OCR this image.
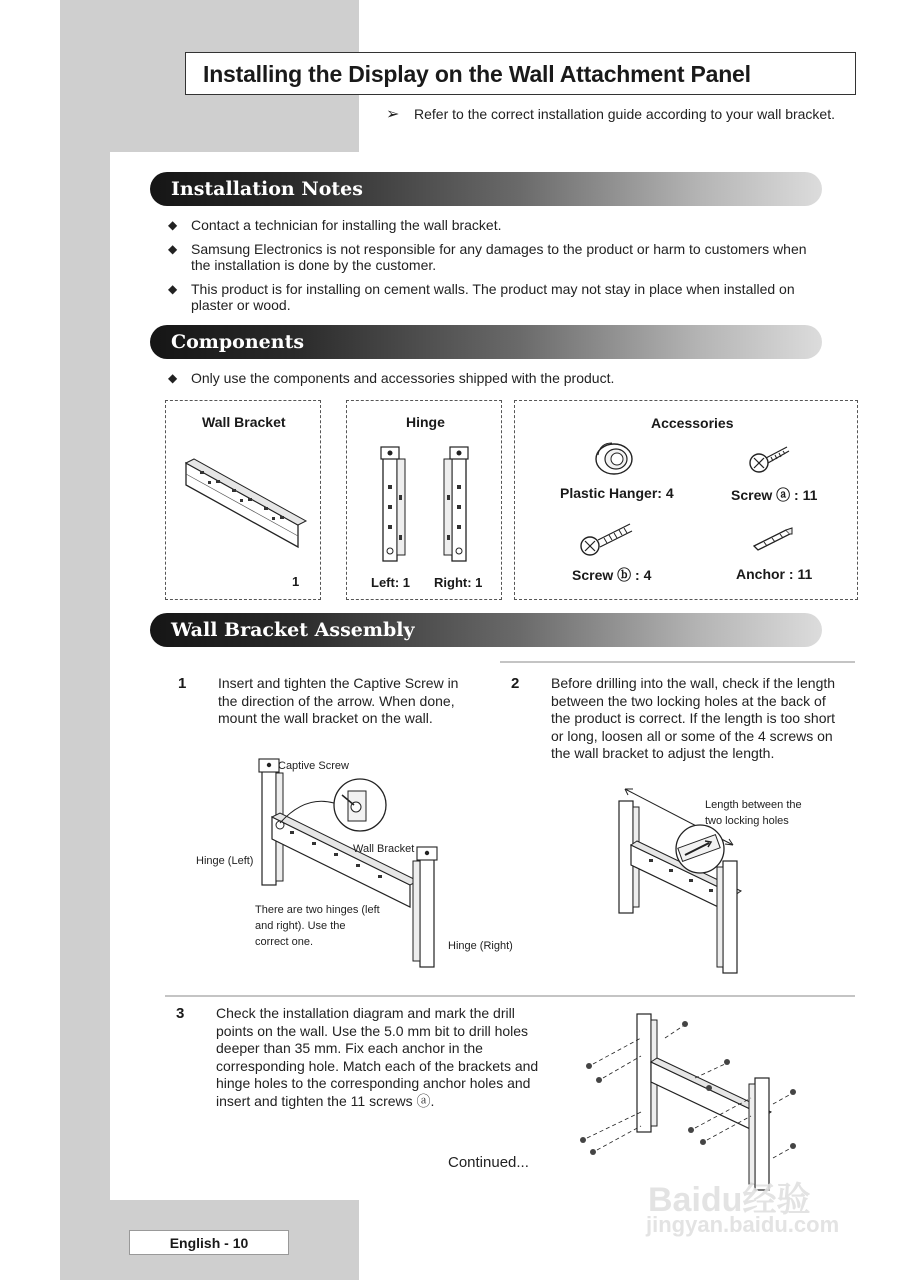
Installing the Display on the Wall Attachment Panel
➢ Refer to the correct installation guide according to your wall bracket.
Installation Notes
◆ Contact a technician for installing the wall bracket.
◆ Samsung Electronics is not responsible for any damages to the product or harm to customers when the installation is done by the customer.
◆ This product is for installing on cement walls. The product may not stay in place when installed on plaster or wood.
Components
◆ Only use the components and accessories shipped with the product.
Wall Bracket
1
Hinge
Left: 1 Right: 1
Accessories
Plastic Hanger: 4	Screw ⓐ : 11
Screw ⓑ : 4	Anchor : 11
Wall Bracket Assembly
1 Insert and tighten the Captive Screw in the direction of the arrow. When done, mount the wall bracket on the wall.
Captive Screw
Wall Bracket
Hinge (Left)
Hinge (Right)
There are two hinges (left and right). Use the correct one.
2 Before drilling into the wall, check if the length between the two locking holes at the back of the product is correct. If the length is too short or long, loosen all or some of the 4 screws on the wall bracket to adjust the length.
Length between the two locking holes
3 Check the installation diagram and mark the drill points on the wall. Use the 5.0 mm bit to drill holes deeper than 35 mm. Fix each anchor in the corresponding hole. Match each of the brackets and hinge holes to the corresponding anchor holes and insert and tighten the 11 screws ⓐ.
Continued...
Baidu经验
jingyan.baidu.com
English - 10
